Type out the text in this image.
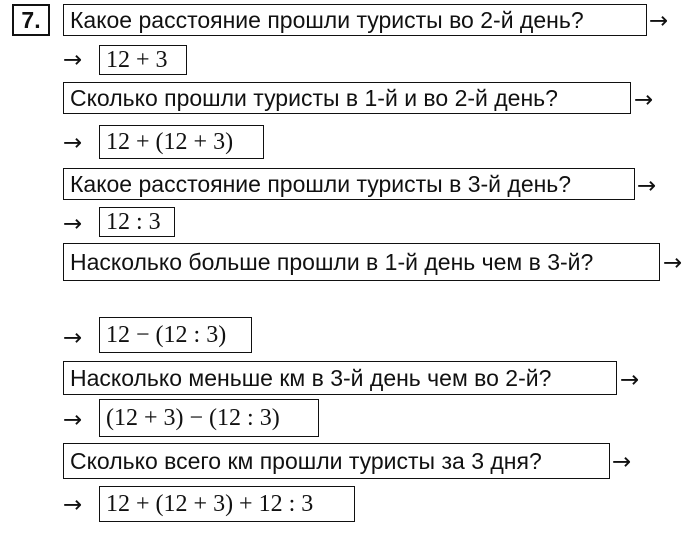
7.	Какое расстояние прошли туристы во 2-й день?	→
→ 12 + 3
Сколько прошли туристы в 1-й и во 2-й день?	→
→ 12 + (12 + 3)
Какое расстояние прошли туристы в 3-й день?	→
→ 12 : 3
Насколько больше прошли в 1-й день чем в 3-й?	→
→ 12 − (12 : 3)
Насколько меньше км в 3-й день чем во 2-й?	→
→ (12 + 3) − (12 : 3)
Сколько всего км прошли туристы за 3 дня?	→
→ 12 + (12 + 3) + 12 : 3
